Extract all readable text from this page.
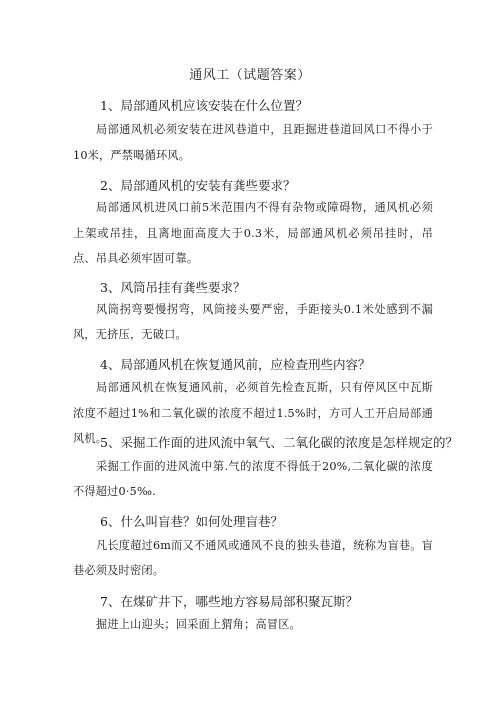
通风工（试题答案）
1、局部通风机应该安装在什么位置？
局部通风机必须安装在进风巷道中，且距掘进巷道回风口不得小于10米，严禁喝循环风。
2、局部通风机的安装有龚些要求？
局部通风机进风口前5米范围内不得有杂物或障碍物，通风机必须上架或吊挂，且离地面高度大于0.3米，局部通风机必须吊挂时，吊点、吊具必须牢固可靠。
3、风筒吊挂有龚些要求？
风筒拐弯要慢拐弯，风筒接头要严密，手距接头0.1米处感到不漏风，无挤压，无破口。
4、局部通风机在恢复通风前，应检查刑些内容？
局部通风机在恢复通风前，必须首先检查瓦斯，只有停风区中瓦斯浓度不超过1%和二氧化碳的浓度不超过1.5%时，方可人工开启局部通风机。
5、采掘工作面的进风流中氧气、二氧化碳的浓度是怎样规定的？
采掘工作面的进风流中第.气的浓度不得低于20%,二氧化碳的浓度不得超过0·5‰.
6、什么叫盲巷？如何处理盲巷？
凡长度超过6m而又不通风或通风不良的独头巷道，统称为盲巷。盲巷必须及时密闭。
7、在煤矿井下，哪些地方容易局部积聚瓦斯？
掘进上山迎头；回采面上猬角；高冒区。
